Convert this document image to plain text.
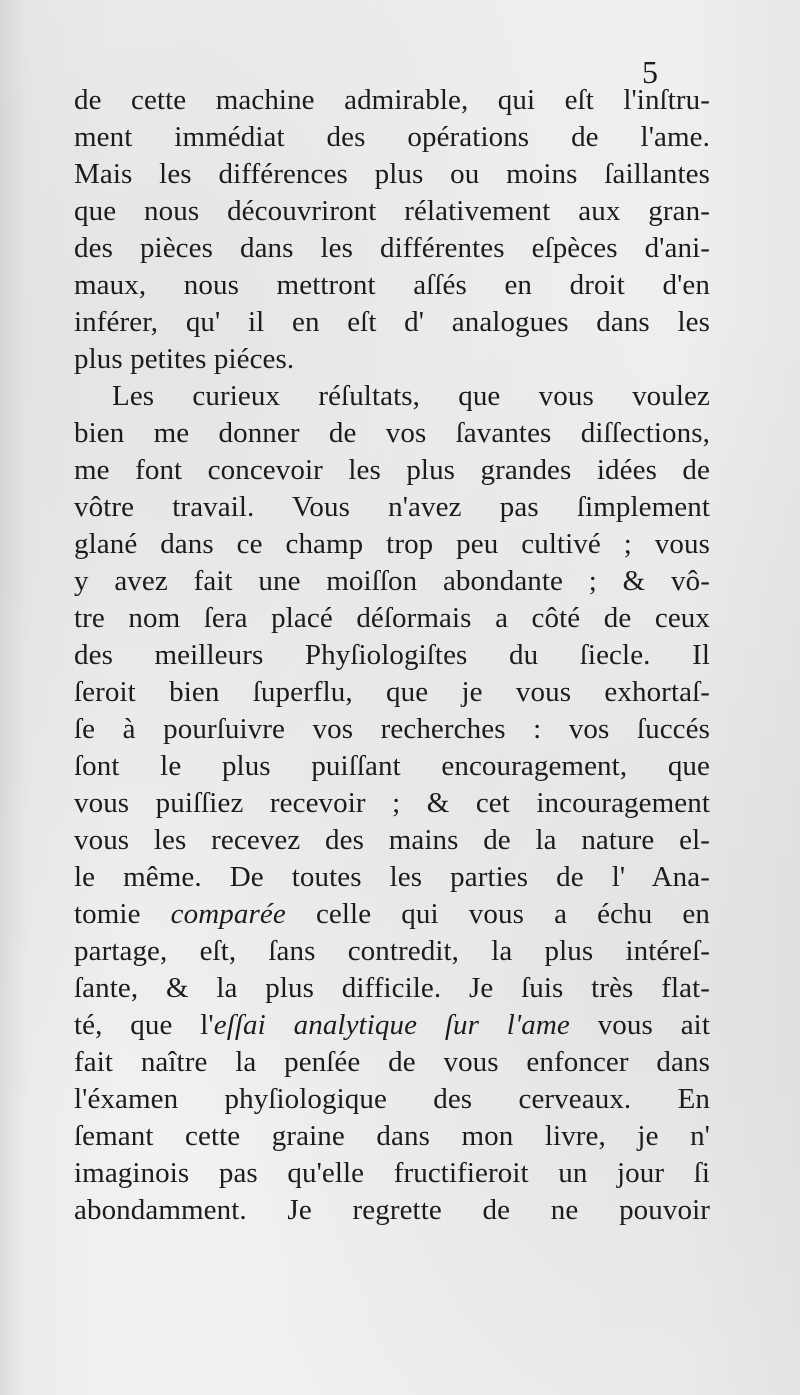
5
de cette machine admirable, qui eſt l'inſtru-
ment immédiat des opérations de l'ame.
Mais les différences plus ou moins ſaillantes
que nous découvriront rélativement aux gran-
des pièces dans les différentes eſpèces d'ani-
maux, nous mettront aſſés en droit d'en
inférer, qu' il en eſt d' analogues dans les
plus petites piéces.
Les curieux réſultats, que vous voulez
bien me donner de vos ſavantes diſſections,
me font concevoir les plus grandes idées de
vôtre travail. Vous n'avez pas ſimplement
glané dans ce champ trop peu cultivé ; vous
y avez fait une moiſſon abondante ; & vô-
tre nom ſera placé déſormais a côté de ceux
des meilleurs Phyſiologiſtes du ſiecle. Il
ſeroit bien ſuperflu, que je vous exhortaſ-
ſe à pourſuivre vos recherches : vos ſuccés
ſont le plus puiſſant encouragement, que
vous puiſſiez recevoir ; & cet incouragement
vous les recevez des mains de la nature el-
le même. De toutes les parties de l' Ana-
tomie comparée celle qui vous a échu en
partage, eſt, ſans contredit, la plus intéreſ-
ſante, & la plus difficile. Je ſuis très flat-
té, que l'eſſai analytique ſur l'ame vous ait
fait naître la penſée de vous enfoncer dans
l'éxamen phyſiologique des cerveaux. En
ſemant cette graine dans mon livre, je n'
imaginois pas qu'elle fructifieroit un jour ſi
abondamment. Je regrette de ne pouvoir
